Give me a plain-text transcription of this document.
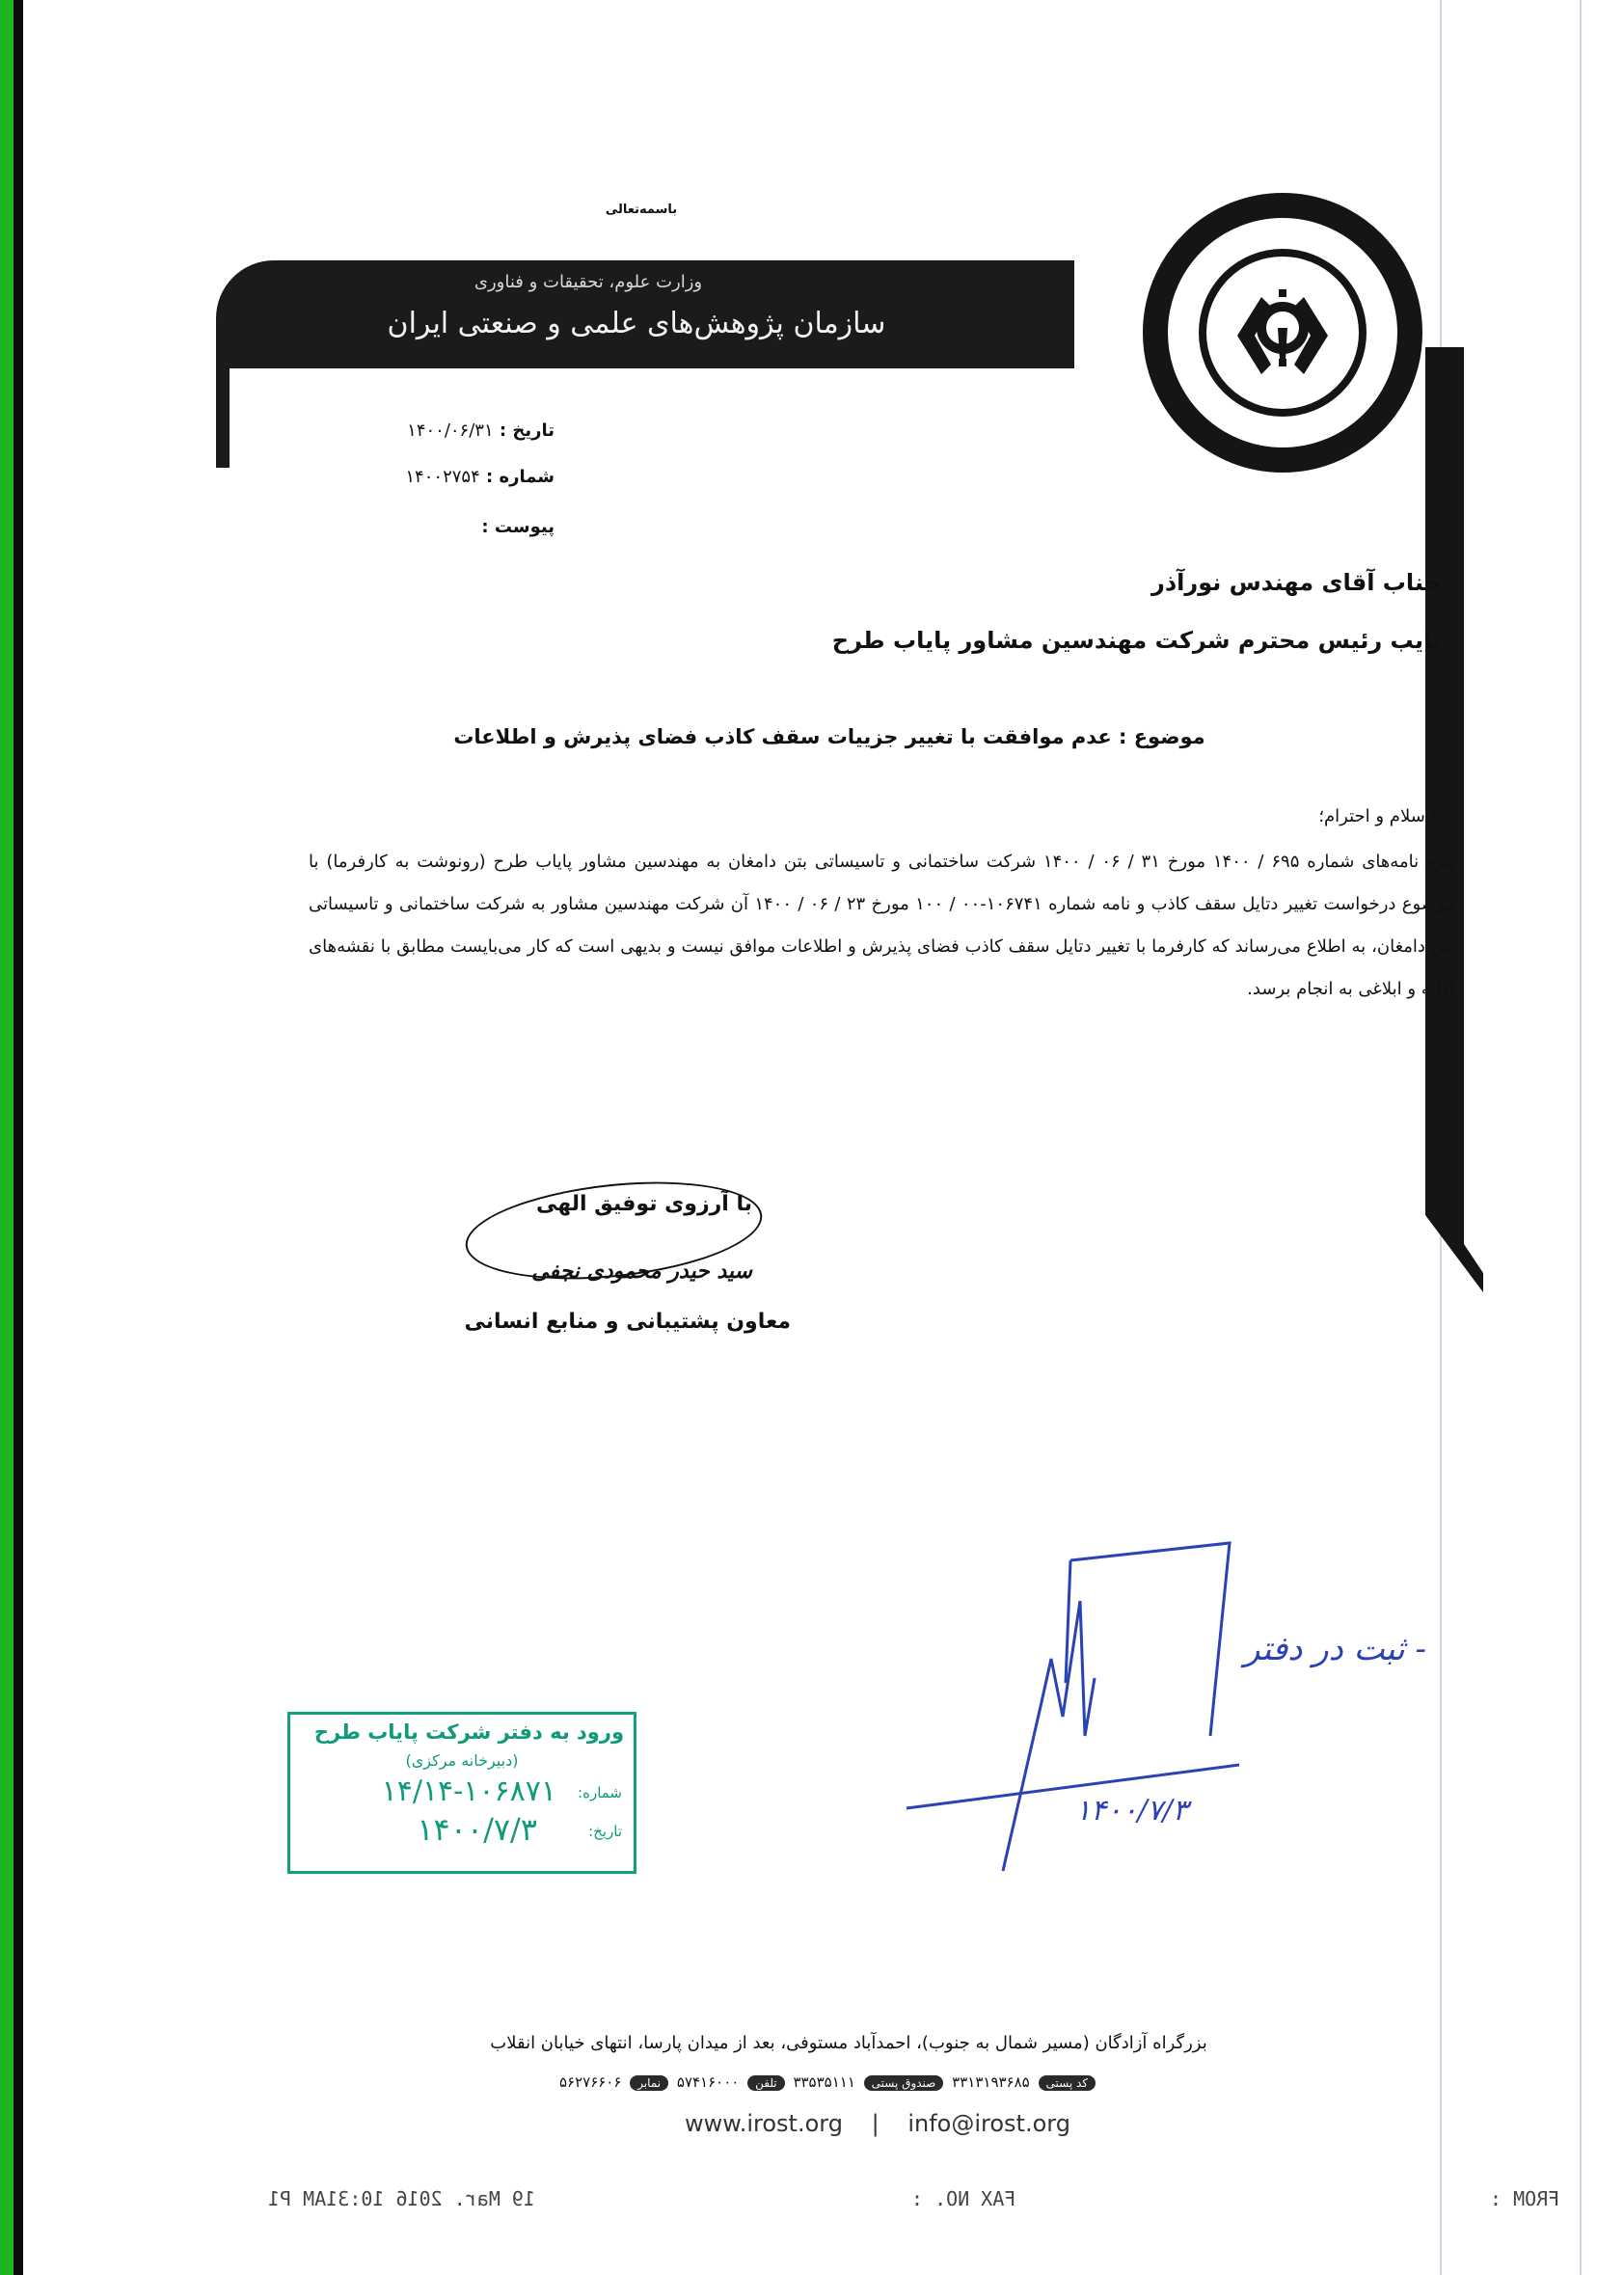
باسمه‌تعالی
وزارت علوم، تحقیقات و فناوری
سازمان پژوهش‌های علمی و صنعتی ایران
تاریخ : ۱۴۰۰/۰۶/۳۱
شماره : ۱۴۰۰۲۷۵۴
پیوست :
جناب آقای مهندس نورآذر
نایب رئیس محترم شرکت مهندسین مشاور پایاب طرح
موضوع : عدم موافقت با تغییر جزییات سقف کاذب فضای پذیرش و اطلاعات
با سلام و احترام؛
پیرو نامه‌های شماره ۶۹۵ / ۱۴۰۰ مورخ ۳۱ / ۰۶ / ۱۴۰۰ شرکت ساختمانی و تاسیساتی بتن دامغان به مهندسین مشاور پایاب طرح (رونوشت به کارفرما) با موضوع درخواست تغییر دتایل سقف کاذب و نامه شماره ۱۰۶۷۴۱-۰۰ / ۱۰۰ مورخ ۲۳ / ۰۶ / ۱۴۰۰ آن شرکت مهندسین مشاور به شرکت ساختمانی و تاسیساتی بتن دامغان، به اطلاع می‌رساند که کارفرما با تغییر دتایل سقف کاذب فضای پذیرش و اطلاعات موافق نیست و بدیهی است که کار می‌بایست مطابق با نقشه‌های اولیه و ابلاغی به انجام برسد.
با آرزوی توفیق الهی
سید حیدر محمودی نجفی
معاون پشتیبانی و منابع انسانی
- ثبت در دفتر
۱۴۰۰/۷/۳
ورود به دفتر شرکت پایاب طرح
(دبیرخانه مرکزی)
شماره:
۱۴/۱۴-۱۰۶۸۷۱
تاریخ:
۱۴۰۰/۷/۳
بزرگراه آزادگان (مسیر شمال به جنوب)، احمدآباد مستوفی، بعد از میدان پارسا، انتهای خیابان انقلاب
کد پستی ۳۳۱۳۱۹۳۶۸۵ صندوق پستی ۳۳۵۳۵۱۱۱ تلفن ۵۷۴۱۶۰۰۰ نمابر ۵۶۲۷۶۶۰۶
www.irost.org | info@irost.org
FROM :
FAX NO. :
19 Mar. 2016 10:31AM P1
